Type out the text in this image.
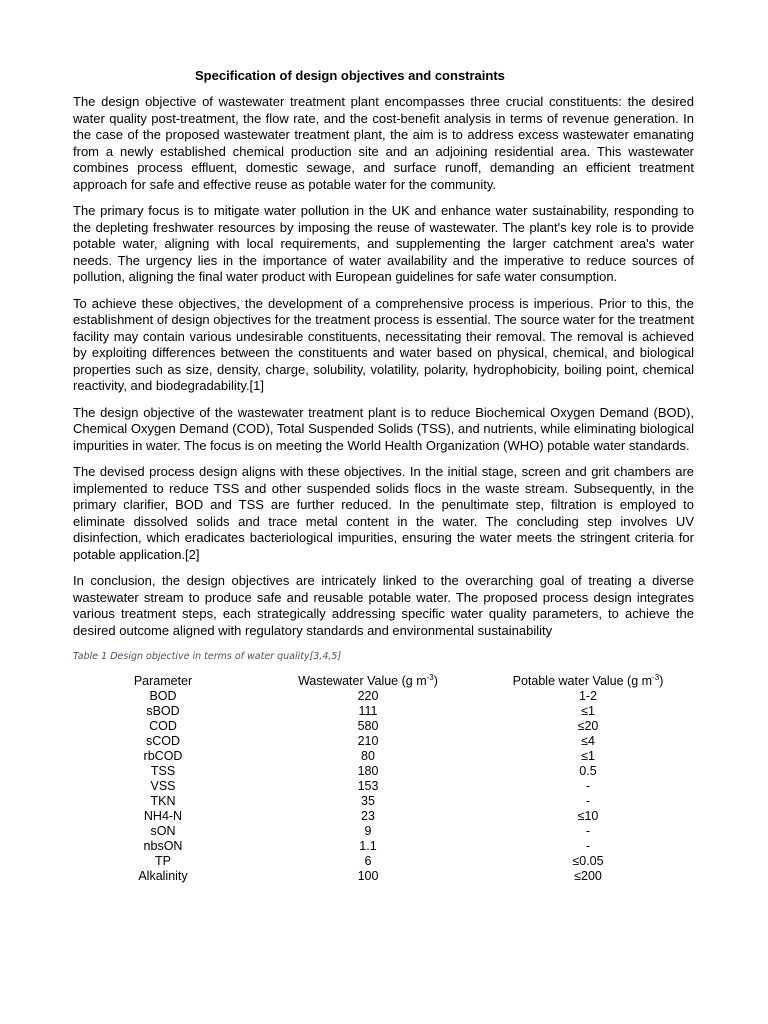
Specification of design objectives and constraints

The design objective of wastewater treatment plant encompasses three crucial constituents: the desired water quality post-treatment, the flow rate, and the cost-benefit analysis in terms of revenue generation. In the case of the proposed wastewater treatment plant, the aim is to address excess wastewater emanating from a newly established chemical production site and an adjoining residential area. This wastewater combines process effluent, domestic sewage, and surface runoff, demanding an efficient treatment approach for safe and effective reuse as potable water for the community.

The primary focus is to mitigate water pollution in the UK and enhance water sustainability, responding to the depleting freshwater resources by imposing the reuse of wastewater. The plant's key role is to provide potable water, aligning with local requirements, and supplementing the larger catchment area's water needs. The urgency lies in the importance of water availability and the imperative to reduce sources of pollution, aligning the final water product with European guidelines for safe water consumption.

To achieve these objectives, the development of a comprehensive process is imperious. Prior to this, the establishment of design objectives for the treatment process is essential. The source water for the treatment facility may contain various undesirable constituents, necessitating their removal. The removal is achieved by exploiting differences between the constituents and water based on physical, chemical, and biological properties such as size, density, charge, solubility, volatility, polarity, hydrophobicity, boiling point, chemical reactivity, and biodegradability.[1]

The design objective of the wastewater treatment plant is to reduce Biochemical Oxygen Demand (BOD), Chemical Oxygen Demand (COD), Total Suspended Solids (TSS), and nutrients, while eliminating biological impurities in water. The focus is on meeting the World Health Organization (WHO) potable water standards.

The devised process design aligns with these objectives. In the initial stage, screen and grit chambers are implemented to reduce TSS and other suspended solids flocs in the waste stream. Subsequently, in the primary clarifier, BOD and TSS are further reduced. In the penultimate step, filtration is employed to eliminate dissolved solids and trace metal content in the water. The concluding step involves UV disinfection, which eradicates bacteriological impurities, ensuring the water meets the stringent criteria for potable application.[2]

In conclusion, the design objectives are intricately linked to the overarching goal of treating a diverse wastewater stream to produce safe and reusable potable water. The proposed process design integrates various treatment steps, each strategically addressing specific water quality parameters, to achieve the desired outcome aligned with regulatory standards and environmental sustainability

Table 1 Design objective in terms of water quality[3,4,5]
Parameter	Wastewater Value (g $m^{-3}$)	Potable water Value (g $m^{-3}$)
BOD	220	1-2
sBOD	111	≤1
COD	580	≤20
sCOD	210	≤4
rbCOD	80	≤1
TSS	180	0.5
VSS	153	-
TKN	35	-
NH4-N	23	≤10
sON	9	-
nbsON	1.1	-
TP	6	≤0.05
Alkalinity	100	≤200
